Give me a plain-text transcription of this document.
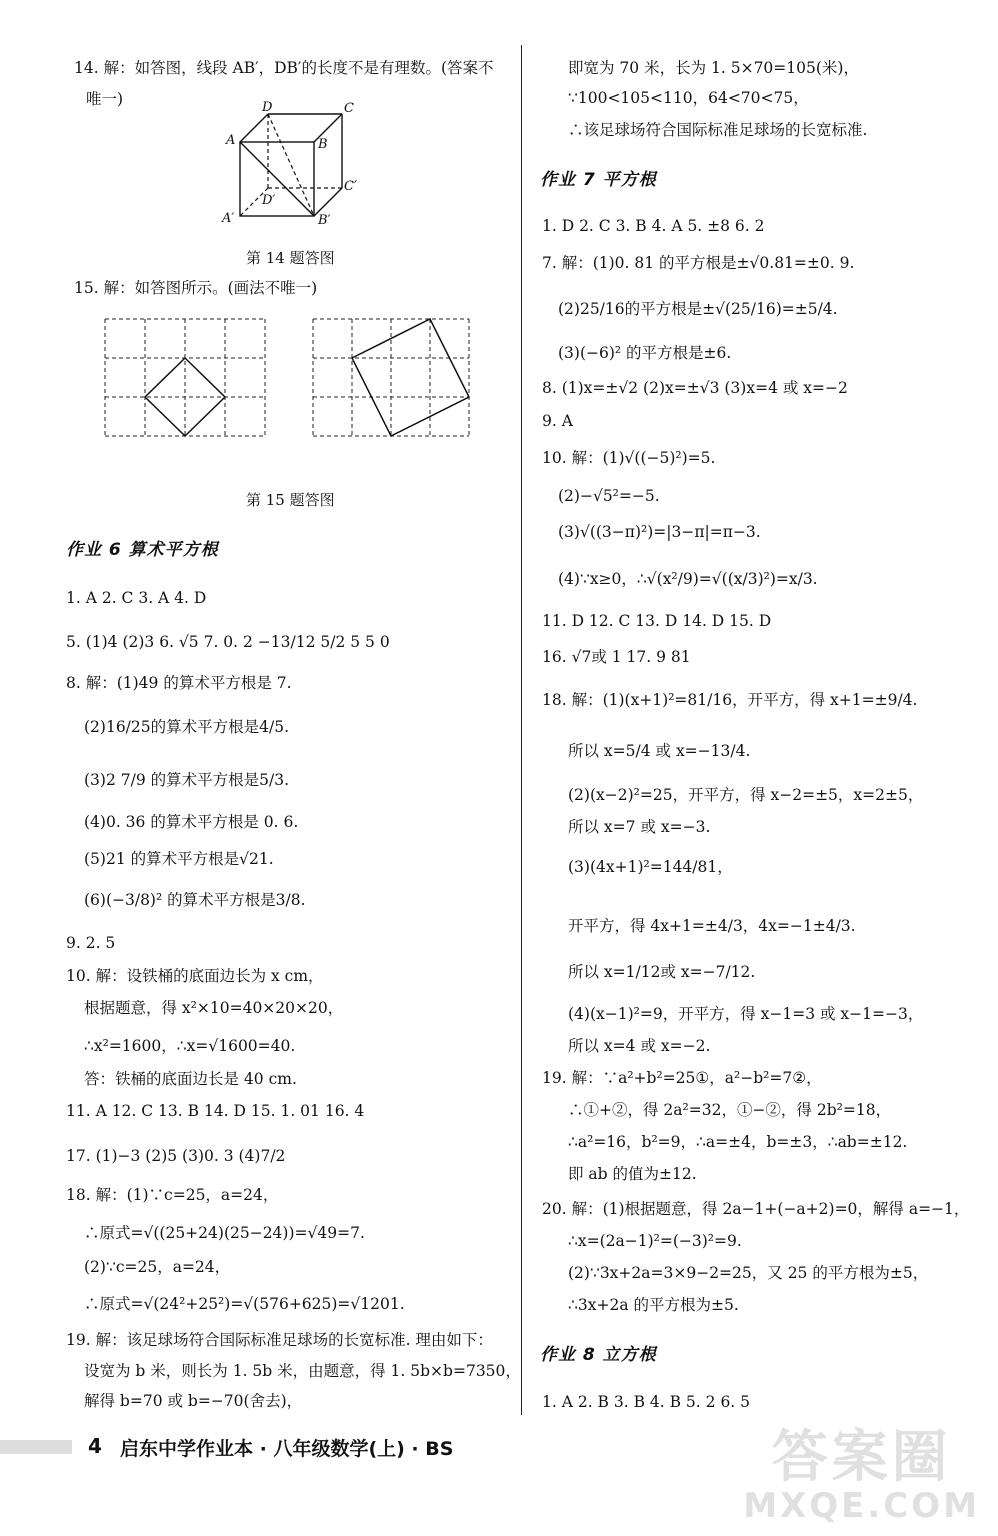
14. 解：如答图，线段 AB′，DB′的长度不是有理数。(答案不
唯一)
第 14 题答图
15. 解：如答图所示。(画法不唯一)
第 15 题答图
1. A 2. C 3. A 4. D
5. (1)4 (2)3 6. √5 7. 0. 2 −13/12 5/2 5 5 0
8. 解：(1)49 的算术平方根是 7.
(2)16/25的算术平方根是4/5.
(3)2 7/9 的算术平方根是5/3.
(4)0. 36 的算术平方根是 0. 6.
(5)21 的算术平方根是√21.
(6)(−3/8)² 的算术平方根是3/8.
9. 2. 5
10. 解：设铁桶的底面边长为 x cm，
根据题意，得 x²×10=40×20×20，
∴x²=1600，∴x=√1600=40.
答：铁桶的底面边长是 40 cm.
11. A 12. C 13. B 14. D 15. 1. 01 16. 4
17. (1)−3 (2)5 (3)0. 3 (4)7/2
18. 解：(1)∵c=25，a=24，
∴原式=√((25+24)(25−24))=√49=7.
(2)∵c=25，a=24，
∴原式=√(24²+25²)=√(576+625)=√1201.
19. 解：该足球场符合国际标准足球场的长宽标准. 理由如下：
设宽为 b 米，则长为 1. 5b 米，由题意，得 1. 5b×b=7350，
解得 b=70 或 b=−70(舍去)，
即宽为 70 米，长为 1. 5×70=105(米)，
∵100<105<110，64<70<75，
∴该足球场符合国际标准足球场的长宽标准.
1. D 2. C 3. B 4. A 5. ±8 6. 2
7. 解：(1)0. 81 的平方根是±√0.81=±0. 9.
(2)25/16的平方根是±√(25/16)=±5/4.
(3)(−6)² 的平方根是±6.
8. (1)x=±√2 (2)x=±√3 (3)x=4 或 x=−2
9. A
10. 解：(1)√((−5)²)=5.
(2)−√5²=−5.
(3)√((3−π)²)=|3−π|=π−3.
(4)∵x≥0，∴√(x²/9)=√((x/3)²)=x/3.
11. D 12. C 13. D 14. D 15. D
16. √7或 1 17. 9 81
18. 解：(1)(x+1)²=81/16，开平方，得 x+1=±9/4.
所以 x=5/4 或 x=−13/4.
(2)(x−2)²=25，开平方，得 x−2=±5，x=2±5，
所以 x=7 或 x=−3.
(3)(4x+1)²=144/81，
开平方，得 4x+1=±4/3，4x=−1±4/3.
所以 x=1/12或 x=−7/12.
(4)(x−1)²=9，开平方，得 x−1=3 或 x−1=−3，
所以 x=4 或 x=−2.
19. 解：∵a²+b²=25①，a²−b²=7②，
∴①+②，得 2a²=32，①−②，得 2b²=18，
∴a²=16，b²=9，∴a=±4，b=±3，∴ab=±12.
即 ab 的值为±12.
20. 解：(1)根据题意，得 2a−1+(−a+2)=0，解得 a=−1，
∴x=(2a−1)²=(−3)²=9.
(2)∵3x+2a=3×9−2=25，又 25 的平方根为±5，
∴3x+2a 的平方根为±5.
1. A 2. B 3. B 4. B 5. 2 6. 5
作业 6 算术平方根
作业 7 平方根
作业 8 立方根
D	C
A	B
C′
D′
A′	B′
4 启东中学作业本 · 八年级数学(上) · BS	答案圈
MXQE.COM
